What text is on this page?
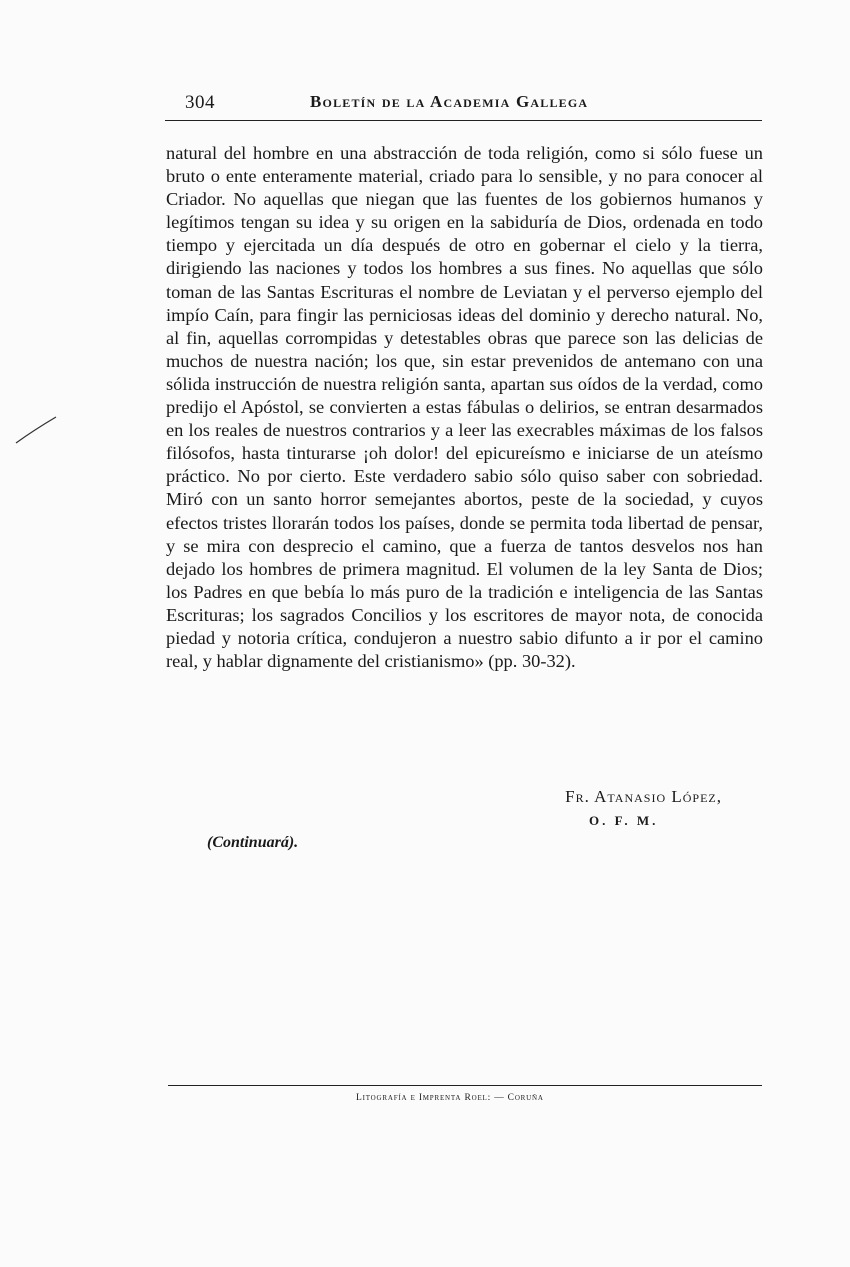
304	Boletín de la Academia Gallega

natural del hombre en una abstracción de toda religión, como si sólo fuese un bruto o ente enteramente material, criado para lo sensible, y no para conocer al Criador. No aquellas que niegan que las fuentes de los gobiernos humanos y legítimos tengan su idea y su origen en la sabiduría de Dios, ordenada en todo tiempo y ejercitada un día después de otro en gobernar el cielo y la tierra, dirigiendo las naciones y todos los hombres a sus fines. No aquellas que sólo toman de las Santas Escrituras el nombre de Leviatan y el perverso ejemplo del impío Caín, para fingir las perniciosas ideas del dominio y derecho natural. No, al fin, aquellas corrompidas y detestables obras que parece son las delicias de muchos de nuestra nación; los que, sin estar prevenidos de antemano con una sólida instrucción de nuestra religión santa, apartan sus oídos de la verdad, como predijo el Apóstol, se convierten a estas fábulas o delirios, se entran desarmados en los reales de nuestros contrarios y a leer las execrables máximas de los falsos filósofos, hasta tinturarse ¡oh dolor! del epicureísmo e iniciarse de un ateísmo práctico. No por cierto. Este verdadero sabio sólo quiso saber con sobriedad. Miró con un santo horror semejantes abortos, peste de la sociedad, y cuyos efectos tristes llorarán todos los países, donde se permita toda libertad de pensar, y se mira con desprecio el camino, que a fuerza de tantos desvelos nos han dejado los hombres de primera magnitud. El volumen de la ley Santa de Dios; los Padres en que bebía lo más puro de la tradición e inteligencia de las Santas Escrituras; los sagrados Concilios y los escritores de mayor nota, de conocida piedad y notoria crítica, condujeron a nuestro sabio difunto a ir por el camino real, y hablar dignamente del cristianismo» (pp. 30-32).

Fr. Atanasio López,
O. F. M.
(Continuará).
Litografía e Imprenta Roel: — Coruña
